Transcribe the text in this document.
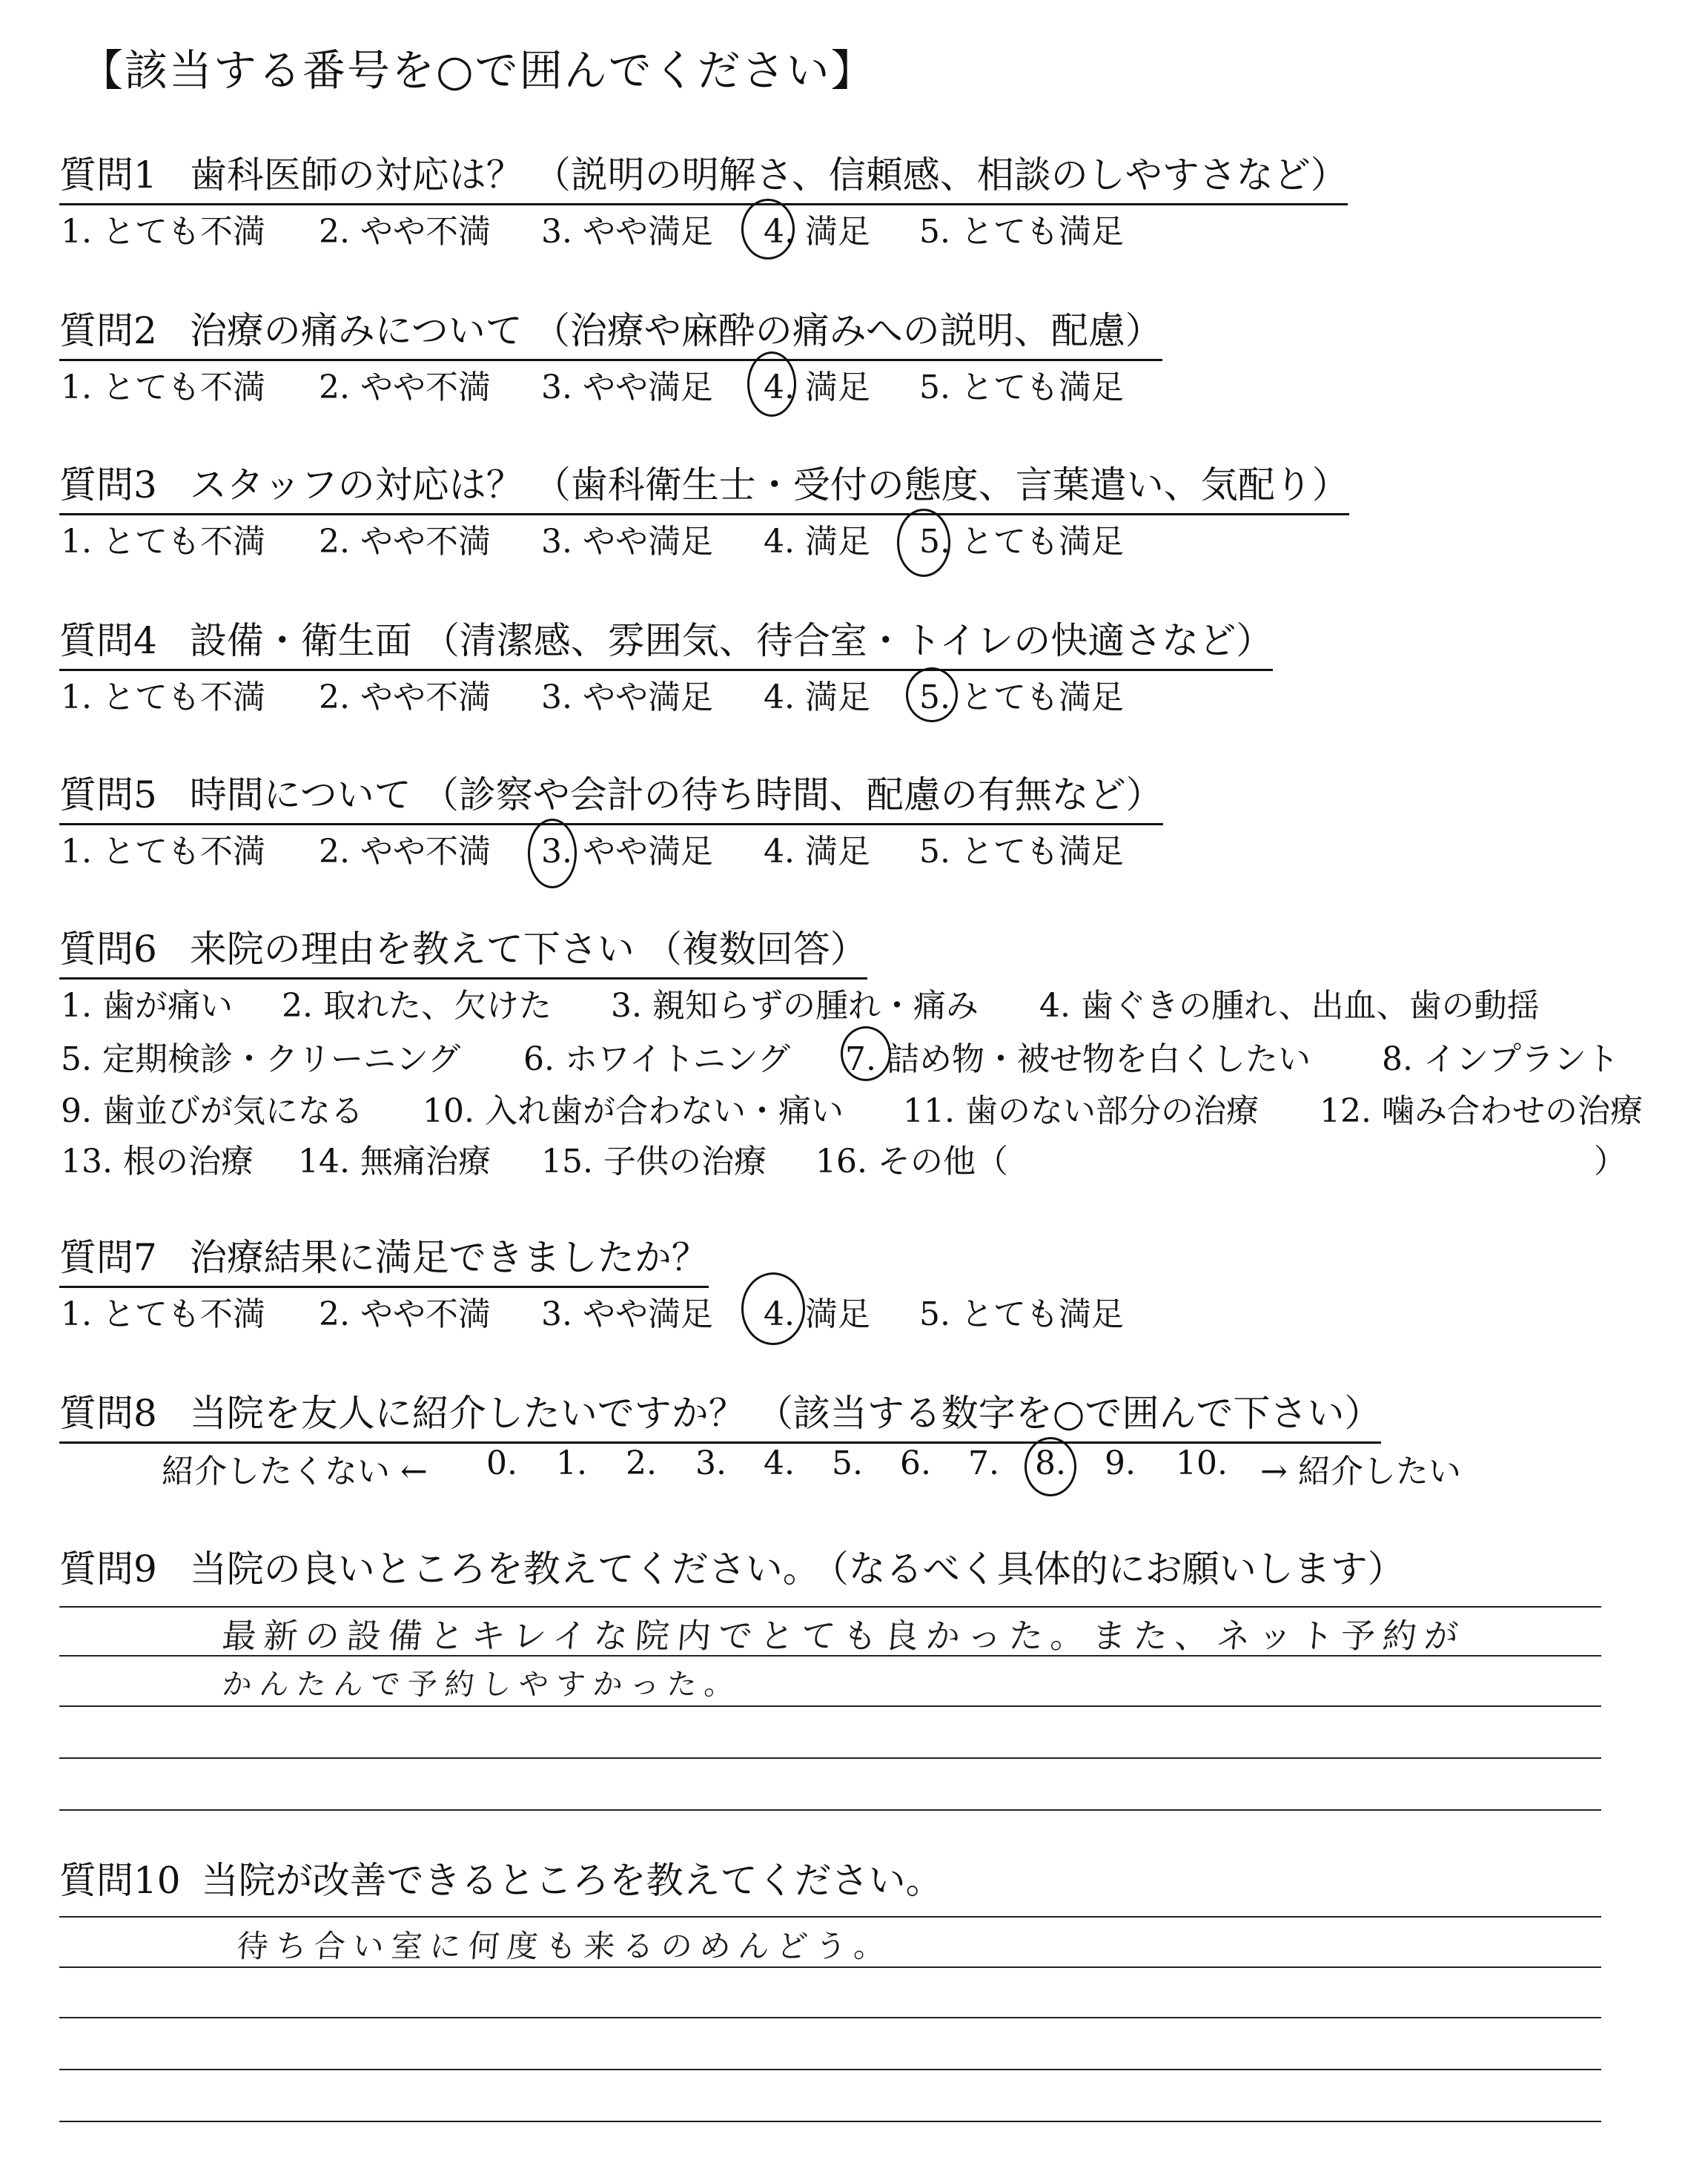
【該当する番号を○で囲んでください】
質問1 歯科医師の対応は？ （説明の明解さ、信頼感、相談のしやすさなど）
1. とても不満 2. やや不満 3. やや満足 4. 満足 5. とても満足
質問2 治療の痛みについて （治療や麻酔の痛みへの説明、配慮）
1. とても不満 2. やや不満 3. やや満足 4. 満足 5. とても満足
質問3 スタッフの対応は？ （歯科衛生士・受付の態度、言葉遣い、気配り）
1. とても不満 2. やや不満 3. やや満足 4. 満足 5. とても満足
質問4 設備・衛生面 （清潔感、雰囲気、待合室・トイレの快適さなど）
1. とても不満 2. やや不満 3. やや満足 4. 満足 5. とても満足
質問5 時間について （診察や会計の待ち時間、配慮の有無など）
1. とても不満 2. やや不満 3. やや満足 4. 満足 5. とても満足
質問6 来院の理由を教えて下さい （複数回答）
1. 歯が痛い 2. 取れた、欠けた 3. 親知らずの腫れ・痛み 4. 歯ぐきの腫れ、出血、歯の動揺
5. 定期検診・クリーニング 6. ホワイトニング 7. 詰め物・被せ物を白くしたい 8. インプラント
9. 歯並びが気になる 10. 入れ歯が合わない・痛い 11. 歯のない部分の治療 12. 噛み合わせの治療
13. 根の治療 14. 無痛治療 15. 子供の治療 16. その他（	）
質問7 治療結果に満足できましたか？
1. とても不満 2. やや不満 3. やや満足 4. 満足 5. とても満足
質問8 当院を友人に紹介したいですか？ （該当する数字を○で囲んで下さい）
紹介したくない ← 0. 1. 2. 3. 4. 5. 6. 7. 8. 9. 10. → 紹介したい
質問9 当院の良いところを教えてください。 （なるべく具体的にお願いします）
最新の設備とキレイな院内でとても良かった。また、ネット予約が
かんたんで予約しやすかった。
質問10 当院が改善できるところを教えてください。
待ち合い室に何度も来るのめんどう。
